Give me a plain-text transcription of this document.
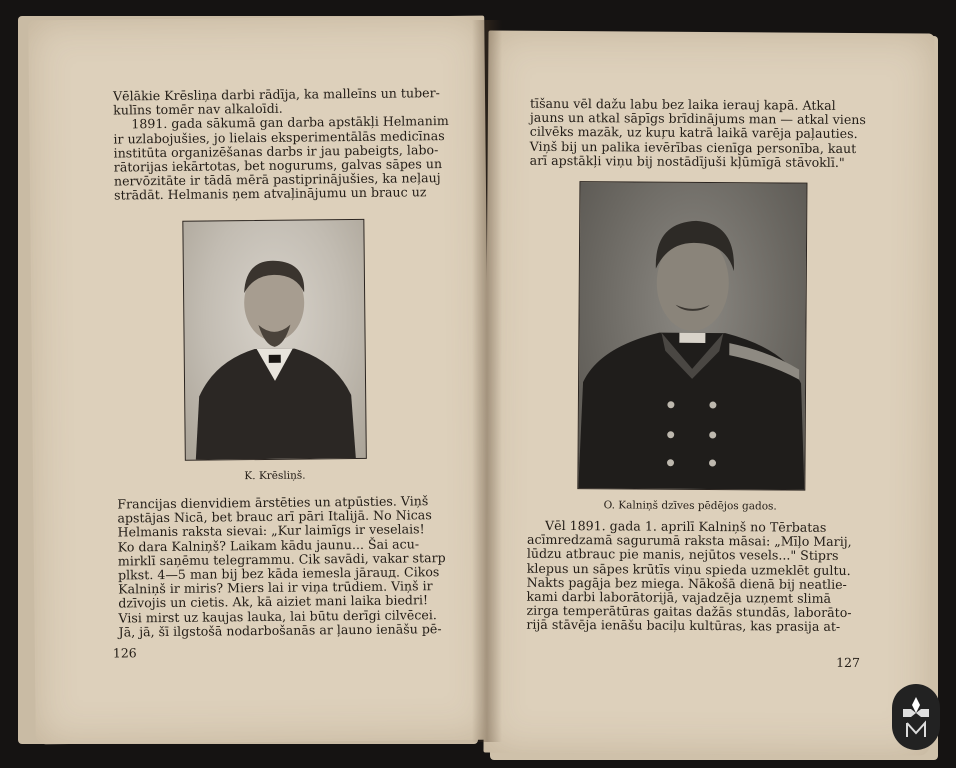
Vēlākie Krēsliņa darbi rādīja, ka malleīns un tuber-
kulīns tomēr nav alkaloīdi.
1891. gada sākumā gan darba apstākļi Helmanim
ir uzlabojušies, jo lielais eksperimentālās medicīnas
institūta organizēšanas darbs ir jau pabeigts, labo-
rātorijas iekārtotas, bet nogurums, galvas sāpes un
nervōzitāte ir tādā mērā pastiprinājušies, ka neļauj
strādāt. Helmanis ņem atvaļinājumu un brauc uz
K. Krēsliņš.
Francijas dienvidiem ārstēties un atpūsties. Viņš
apstājas Nicā, bet brauc arī pāri Italijā. No Nicas
Helmanis raksta sievai: „Kur laimīgs ir veselais!
Ko dara Kalniņš? Laikam kādu jaunu... Šai acu-
mirklī saņēmu telegrammu. Cik savādi, vakar starp
plkst. 4—5 man bij bez kāda iemesla jārauд. Cikos
Kalniņš ir miris? Miers lai ir viņa trūdiem. Viņš ir
dzīvojis un cietis. Ak, kā aiziet mani laika biedri!
Visi mirst uz kaujas lauka, lai būtu derīgi cilvēcei.
Jā, jā, šī ilgstošā nodarbošanās ar ļauno ienāšu pē-
126
tīšanu vēl dažu labu bez laika ierauj kapā. Atkal
jauns un atkal sāpīgs brīdinājums man — atkal viens
cilvēks mazāk, uz kuŗu katrā laikā varēja paļauties.
Viņš bij un palika ievērības cienīga personība, kaut
arī apstākļi viņu bij nostādījuši kļūmīgā stāvoklī."
O. Kalniņš dzīves pēdējos gados.
Vēl 1891. gada 1. aprilī Kalniņš no Tērbatas
acīmredzamā sagurumā raksta māsai: „Mīļo Marij,
lūdzu atbrauc pie manis, nejūtos vesels..." Stiprs
klepus un sāpes krūtīs viņu spieda uzmeklēt gultu.
Nakts pagāja bez miega. Nākošā dienā bij neatlie-
kami darbi laborātorijā, vajadzēja uzņemt slimā
zirga temperātūras gaitas dažās stundās, laborāto-
rijā stāvēja ienāšu baciļu kultūras, kas prasija at-
127
